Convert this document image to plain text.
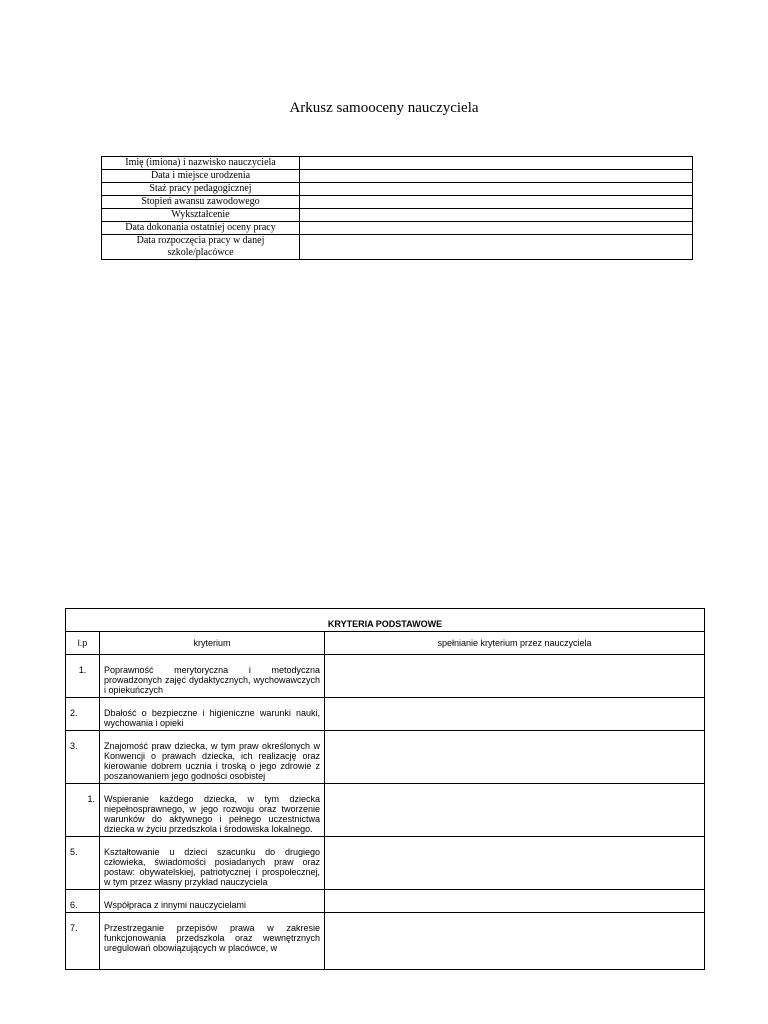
Arkusz samooceny nauczyciela
Imię (imiona) i nazwisko nauczyciela	
Data i miejsce urodzenia	
Staż pracy pedagogicznej	
Stopień awansu zawodowego	
Wykształcenie	
Data dokonania ostatniej oceny pracy	
Data rozpoczęcia pracy w danej szkole/placówce	
KRYTERIA PODSTAWOWE		
l.p	kryterium	spełnianie kryterium przez nauczyciela
1.	Poprawność merytoryczna i metodyczna prowadzonych zajęć dydaktycznych, wychowawczych i opiekuńczych	
2.	Dbałość o bezpieczne i higieniczne warunki nauki, wychowania i opieki	
3.	Znajomość praw dziecka, w tym praw określonych w Konwencji o prawach dziecka, ich realizację oraz kierowanie dobrem ucznia i troską o jego zdrowie z poszanowaniem jego godności osobistej	
1.	Wspieranie każdego dziecka, w tym dziecka niepełnosprawnego, w jego rozwoju oraz tworzenie warunków do aktywnego i pełnego uczestnictwa dziecka w życiu przedszkola i środowiska lokalnego.	
5.	Kształtowanie u dzieci szacunku do drugiego człowieka, świadomości posiadanych praw oraz postaw: obywatelskiej, patriotycznej i prospołecznej, w tym przez własny przykład nauczyciela	
6.	Współpraca z innymi nauczycielami	
7.	Przestrzeganie przepisów prawa w zakresie funkcjonowania przedszkola oraz wewnętrznych uregulowań obowiązujących w placówce, w	
